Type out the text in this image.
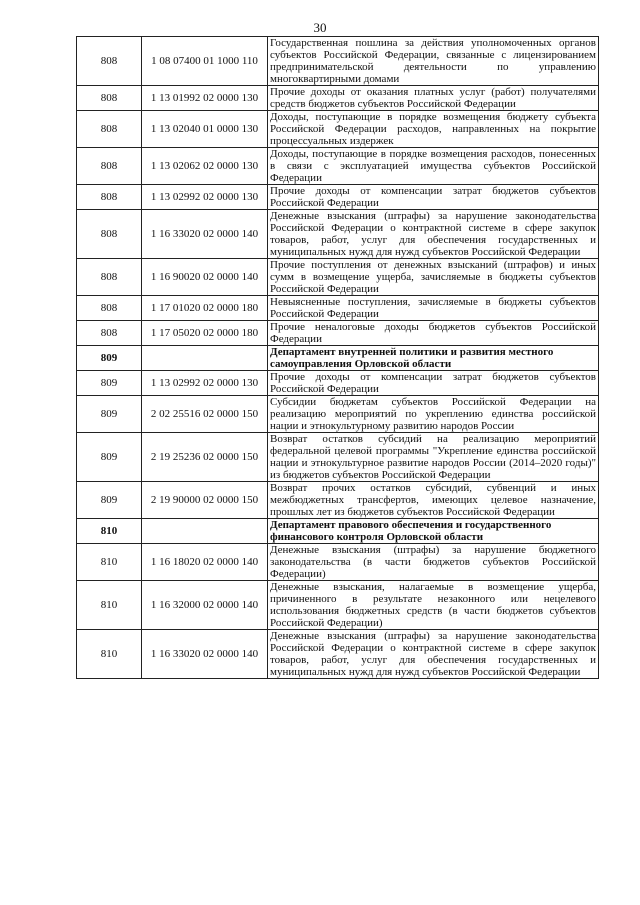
30
808	1 08 07400 01 1000 110	Государственная пошлина за действия уполномоченных органов субъектов Российской Федерации, связанные с лицензированием предпринимательской деятельности по управлению многоквартирными домами
808	1 13 01992 02 0000 130	Прочие доходы от оказания платных услуг (работ) получателями средств бюджетов субъектов Российской Федерации
808	1 13 02040 01 0000 130	Доходы, поступающие в порядке возмещения бюджету субъекта Российской Федерации расходов, направленных на покрытие процессуальных издержек
808	1 13 02062 02 0000 130	Доходы, поступающие в порядке возмещения расходов, понесенных в связи с эксплуатацией имущества субъектов Российской Федерации
808	1 13 02992 02 0000 130	Прочие доходы от компенсации затрат бюджетов субъектов Российской Федерации
808	1 16 33020 02 0000 140	Денежные взыскания (штрафы) за нарушение законодательства Российской Федерации о контрактной системе в сфере закупок товаров, работ, услуг для обеспечения государственных и муниципальных нужд для нужд субъектов Российской Федерации
808	1 16 90020 02 0000 140	Прочие поступления от денежных взысканий (штрафов) и иных сумм в возмещение ущерба, зачисляемые в бюджеты субъектов Российской Федерации
808	1 17 01020 02 0000 180	Невыясненные поступления, зачисляемые в бюджеты субъектов Российской Федерации
808	1 17 05020 02 0000 180	Прочие неналоговые доходы бюджетов субъектов Российской Федерации
809		Департамент внутренней политики и развития местного самоуправления Орловской области
809	1 13 02992 02 0000 130	Прочие доходы от компенсации затрат бюджетов субъектов Российской Федерации
809	2 02 25516 02 0000 150	Субсидии бюджетам субъектов Российской Федерации на реализацию мероприятий по укреплению единства российской нации и этнокультурному развитию народов России
809	2 19 25236 02 0000 150	Возврат остатков субсидий на реализацию мероприятий федеральной целевой программы "Укрепление единства российской нации и этнокультурное развитие народов России (2014–2020 годы)" из бюджетов субъектов Российской Федерации
809	2 19 90000 02 0000 150	Возврат прочих остатков субсидий, субвенций и иных межбюджетных трансфертов, имеющих целевое назначение, прошлых лет из бюджетов субъектов Российской Федерации
810		Департамент правового обеспечения и государственного финансового контроля Орловской области
810	1 16 18020 02 0000 140	Денежные взыскания (штрафы) за нарушение бюджетного законодательства (в части бюджетов субъектов Российской Федерации)
810	1 16 32000 02 0000 140	Денежные взыскания, налагаемые в возмещение ущерба, причиненного в результате незаконного или нецелевого использования бюджетных средств (в части бюджетов субъектов Российской Федерации)
810	1 16 33020 02 0000 140	Денежные взыскания (штрафы) за нарушение законодательства Российской Федерации о контрактной системе в сфере закупок товаров, работ, услуг для обеспечения государственных и муниципальных нужд для нужд субъектов Российской Федерации
